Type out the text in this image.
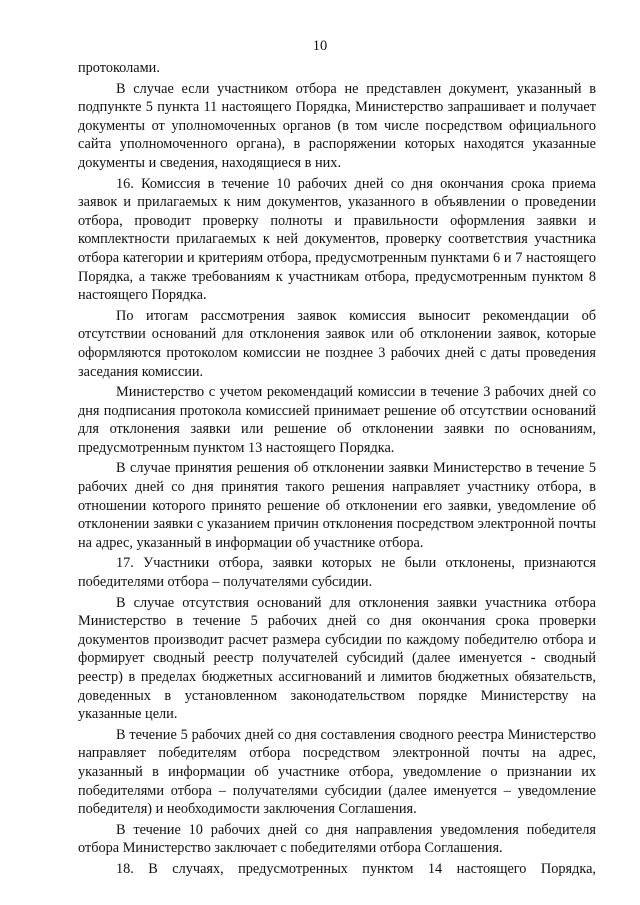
10

протоколами.

В случае если участником отбора не представлен документ, указанный в подпункте 5 пункта 11 настоящего Порядка, Министерство запрашивает и получает документы от уполномоченных органов (в том числе посредством официального сайта уполномоченного органа), в распоряжении которых находятся указанные документы и сведения, находящиеся в них.

16. Комиссия в течение 10 рабочих дней со дня окончания срока приема заявок и прилагаемых к ним документов, указанного в объявлении о проведении отбора, проводит проверку полноты и правильности оформления заявки и комплектности прилагаемых к ней документов, проверку соответствия участника отбора категории и критериям отбора, предусмотренным пунктами 6 и 7 настоящего Порядка, а также требованиям к участникам отбора, предусмотренным пунктом 8 настоящего Порядка.

По итогам рассмотрения заявок комиссия выносит рекомендации об отсутствии оснований для отклонения заявок или об отклонении заявок, которые оформляются протоколом комиссии не позднее 3 рабочих дней с даты проведения заседания комиссии.

Министерство с учетом рекомендаций комиссии в течение 3 рабочих дней со дня подписания протокола комиссией принимает решение об отсутствии оснований для отклонения заявки или решение об отклонении заявки по основаниям, предусмотренным пунктом 13 настоящего Порядка.

В случае принятия решения об отклонении заявки Министерство в течение 5 рабочих дней со дня принятия такого решения направляет участнику отбора, в отношении которого принято решение об отклонении его заявки, уведомление об отклонении заявки с указанием причин отклонения посредством электронной почты на адрес, указанный в информации об участнике отбора.

17. Участники отбора, заявки которых не были отклонены, признаются победителями отбора – получателями субсидии.

В случае отсутствия оснований для отклонения заявки участника отбора Министерство в течение 5 рабочих дней со дня окончания срока проверки документов производит расчет размера субсидии по каждому победителю отбора и формирует сводный реестр получателей субсидий (далее именуется - сводный реестр) в пределах бюджетных ассигнований и лимитов бюджетных обязательств, доведенных в установленном законодательством порядке Министерству на указанные цели.

В течение 5 рабочих дней со дня составления сводного реестра Министерство направляет победителям отбора посредством электронной почты на адрес, указанный в информации об участнике отбора, уведомление о признании их победителями отбора – получателями субсидии (далее именуется – уведомление победителя) и необходимости заключения Соглашения.

В течение 10 рабочих дней со дня направления уведомления победителя отбора Министерство заключает с победителями отбора Соглашения.

18. В случаях, предусмотренных пунктом 14 настоящего Порядка,
